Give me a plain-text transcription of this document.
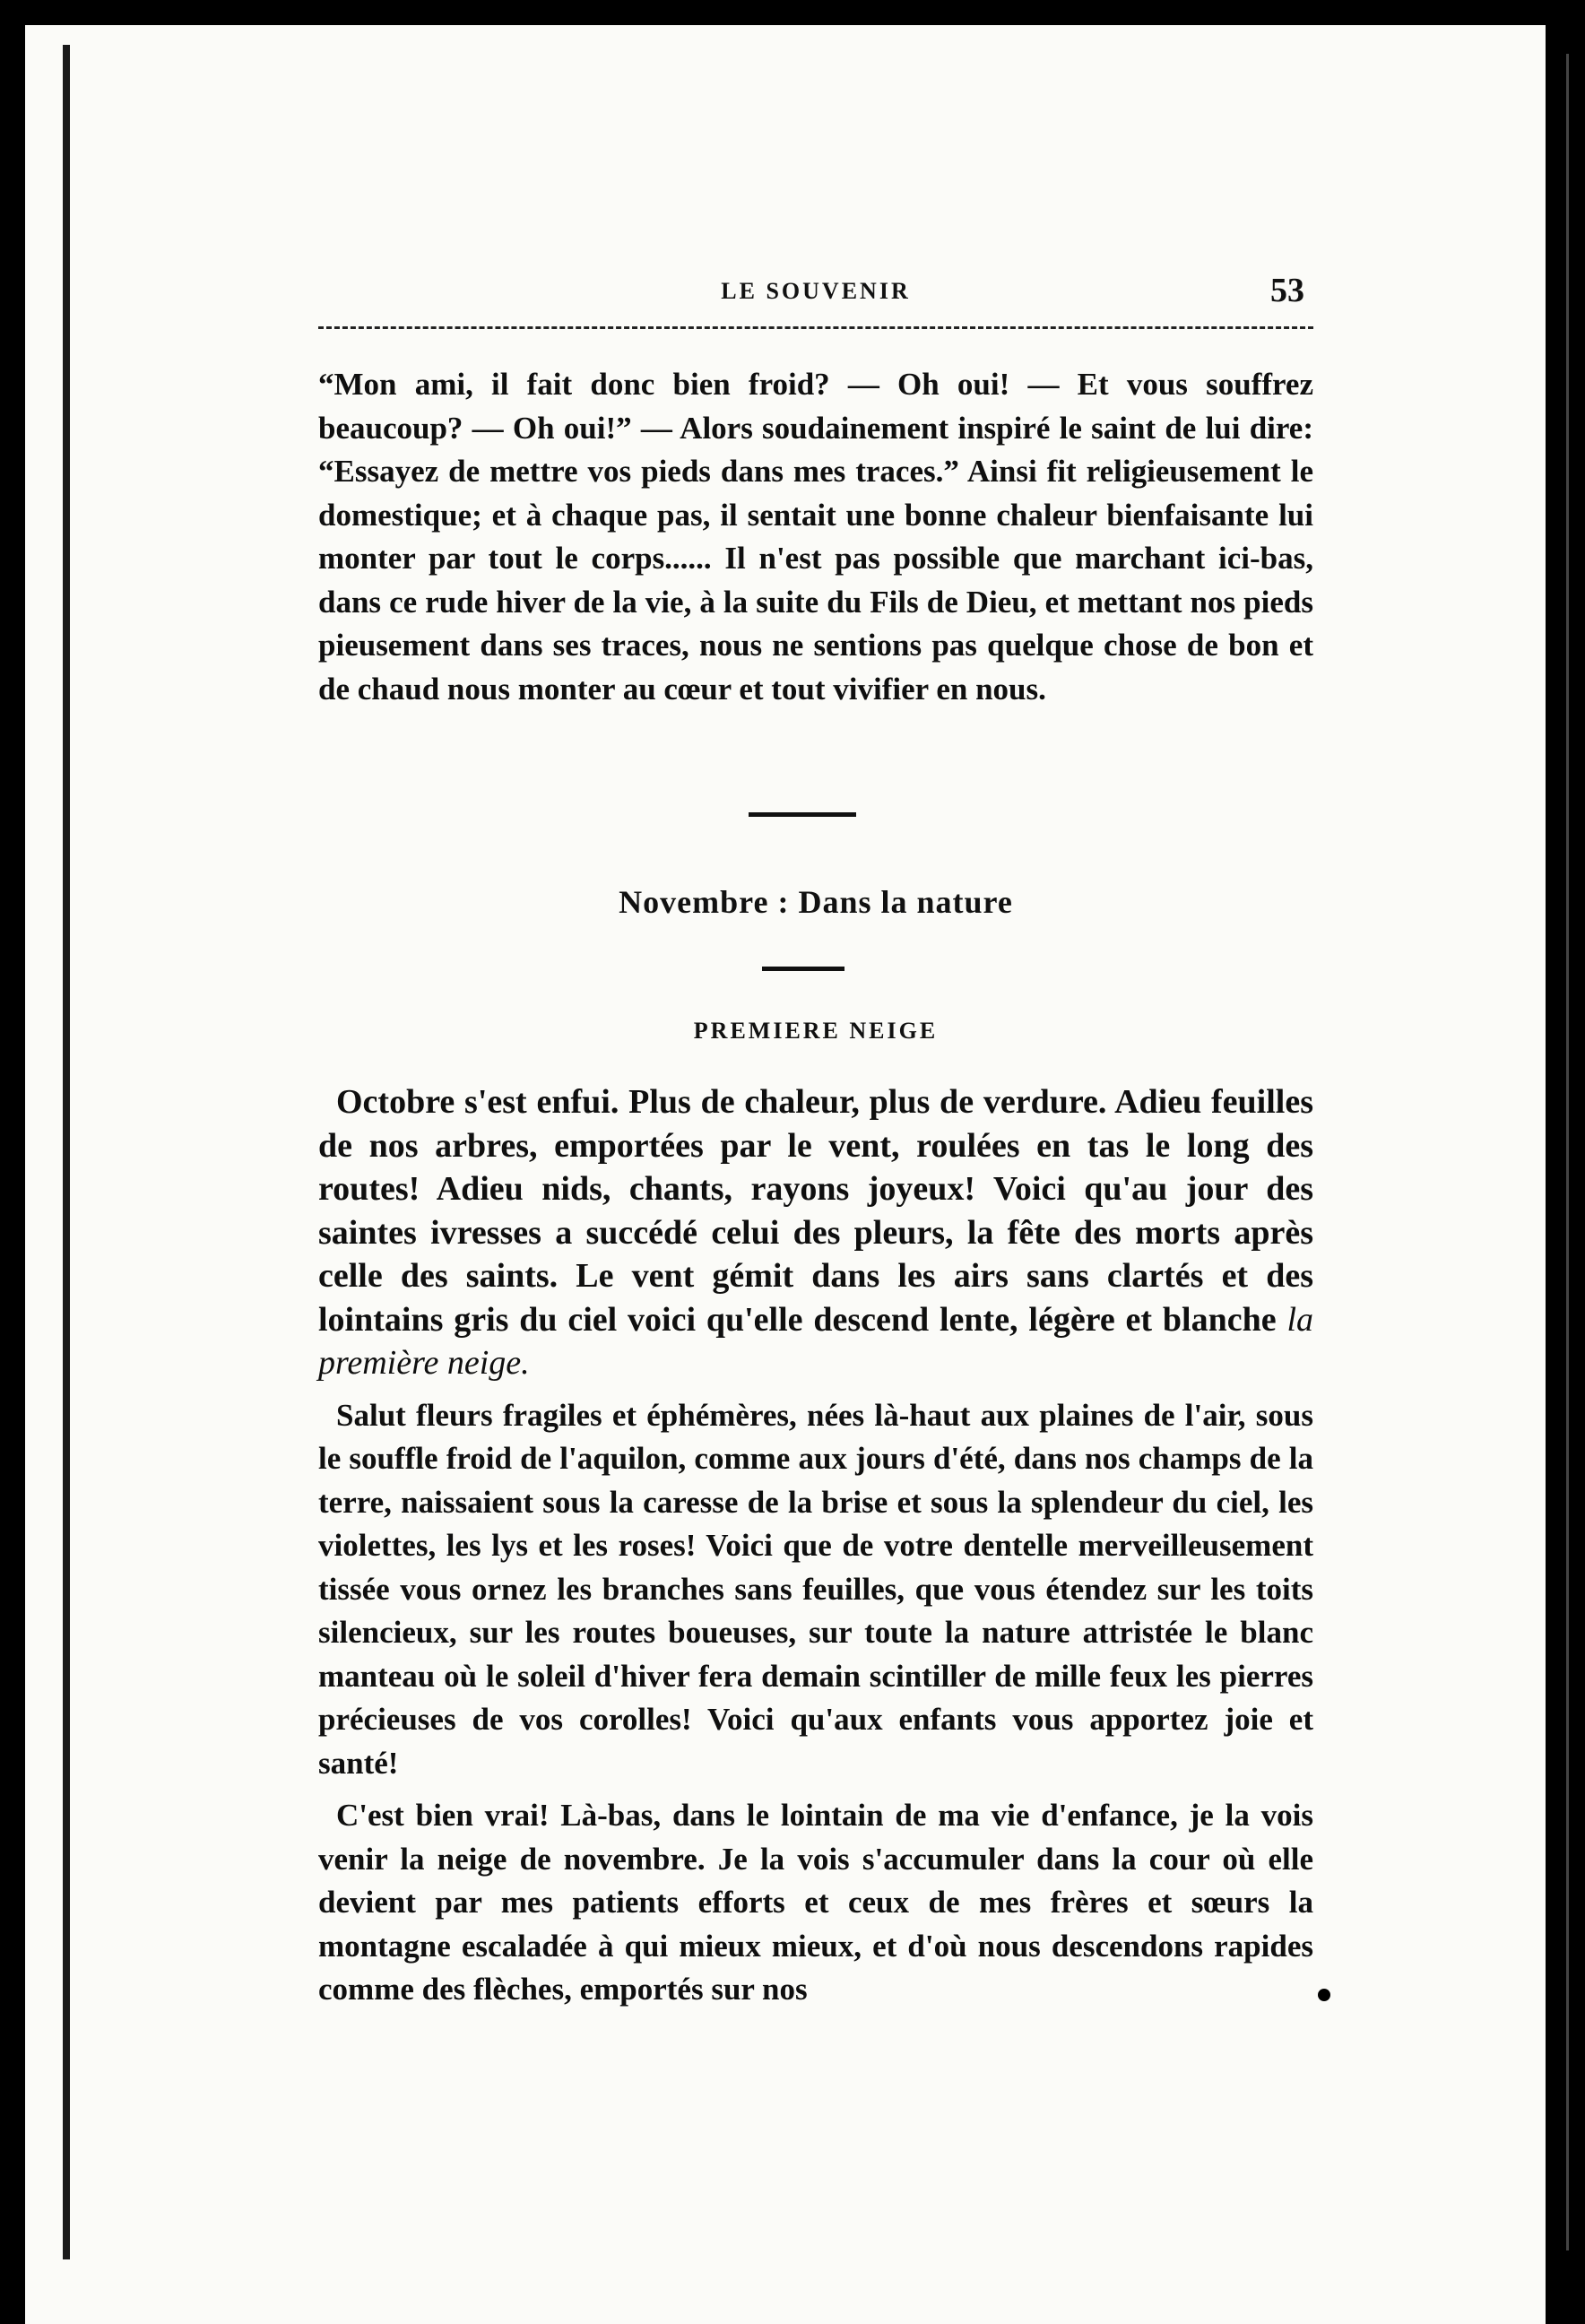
LE SOUVENIR	53

“Mon ami, il fait donc bien froid? — Oh oui! — Et vous souffrez beaucoup? — Oh oui!” — Alors soudainement inspiré le saint de lui dire: “Essayez de mettre vos pieds dans mes traces.” Ainsi fit religieusement le domestique; et à chaque pas, il sentait une bonne chaleur bienfaisante lui monter par tout le corps...... Il n'est pas possible que marchant ici-bas, dans ce rude hiver de la vie, à la suite du Fils de Dieu, et mettant nos pieds pieusement dans ses traces, nous ne sentions pas quelque chose de bon et de chaud nous monter au cœur et tout vivifier en nous.

Novembre : Dans la nature
PREMIERE NEIGE

Octobre s'est enfui. Plus de chaleur, plus de verdure. Adieu feuilles de nos arbres, emportées par le vent, roulées en tas le long des routes! Adieu nids, chants, rayons joyeux! Voici qu'au jour des saintes ivresses a succédé celui des pleurs, la fête des morts après celle des saints. Le vent gémit dans les airs sans clartés et des lointains gris du ciel voici qu'elle descend lente, légère et blanche la première neige.

Salut fleurs fragiles et éphémères, nées là-haut aux plaines de l'air, sous le souffle froid de l'aquilon, comme aux jours d'été, dans nos champs de la terre, naissaient sous la caresse de la brise et sous la splendeur du ciel, les violettes, les lys et les roses! Voici que de votre dentelle merveilleusement tissée vous ornez les branches sans feuilles, que vous étendez sur les toits silencieux, sur les routes boueuses, sur toute la nature attristée le blanc manteau où le soleil d'hiver fera demain scintiller de mille feux les pierres précieuses de vos corolles! Voici qu'aux enfants vous apportez joie et santé!

C'est bien vrai! Là-bas, dans le lointain de ma vie d'enfance, je la vois venir la neige de novembre. Je la vois s'accumuler dans la cour où elle devient par mes patients efforts et ceux de mes frères et sœurs la montagne escaladée à qui mieux mieux, et d'où nous descendons rapides comme des flèches, emportés sur nos
